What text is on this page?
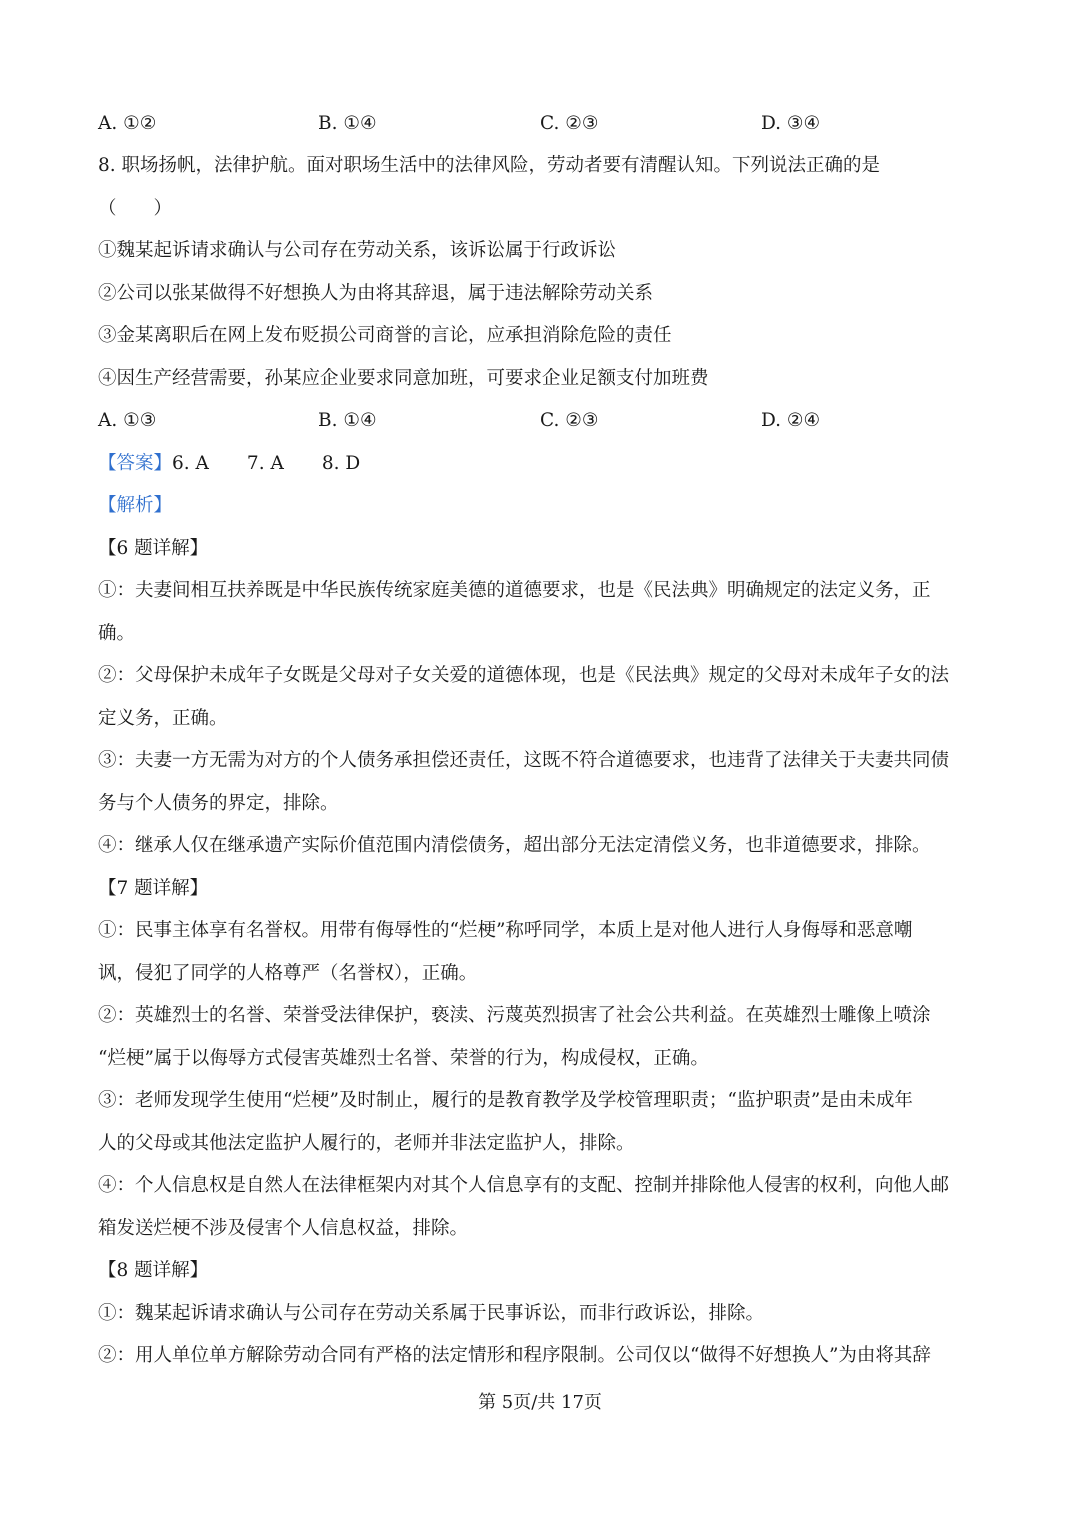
A. ①②	B. ①④	C. ②③	D. ③④
8. 职场扬帆，法律护航。面对职场生活中的法律风险，劳动者要有清醒认知。下列说法正确的是
（　　）
①魏某起诉请求确认与公司存在劳动关系，该诉讼属于行政诉讼
②公司以张某做得不好想换人为由将其辞退，属于违法解除劳动关系
③金某离职后在网上发布贬损公司商誉的言论，应承担消除危险的责任
④因生产经营需要，孙某应企业要求同意加班，可要求企业足额支付加班费
A. ①③	B. ①④	C. ②③	D. ②④
【答案】6. A 7. A 8. D
【解析】
【6 题详解】
①：夫妻间相互扶养既是中华民族传统家庭美德的道德要求，也是《民法典》明确规定的法定义务，正
确。
②：父母保护未成年子女既是父母对子女关爱的道德体现，也是《民法典》规定的父母对未成年子女的法
定义务，正确。
③：夫妻一方无需为对方的个人债务承担偿还责任，这既不符合道德要求，也违背了法律关于夫妻共同债
务与个人债务的界定，排除。
④：继承人仅在继承遗产实际价值范围内清偿债务，超出部分无法定清偿义务，也非道德要求，排除。
【7 题详解】
①：民事主体享有名誉权。用带有侮辱性的“烂梗”称呼同学，本质上是对他人进行人身侮辱和恶意嘲
讽，侵犯了同学的人格尊严（名誉权），正确。
②：英雄烈士的名誉、荣誉受法律保护，亵渎、污蔑英烈损害了社会公共利益。在英雄烈士雕像上喷涂
“烂梗”属于以侮辱方式侵害英雄烈士名誉、荣誉的行为，构成侵权，正确。
③：老师发现学生使用“烂梗”及时制止，履行的是教育教学及学校管理职责；“监护职责”是由未成年
人的父母或其他法定监护人履行的，老师并非法定监护人，排除。
④：个人信息权是自然人在法律框架内对其个人信息享有的支配、控制并排除他人侵害的权利，向他人邮
箱发送烂梗不涉及侵害个人信息权益，排除。
【8 题详解】
①：魏某起诉请求确认与公司存在劳动关系属于民事诉讼，而非行政诉讼，排除。
②：用人单位单方解除劳动合同有严格的法定情形和程序限制。公司仅以“做得不好想换人”为由将其辞
第 5页/共 17页
